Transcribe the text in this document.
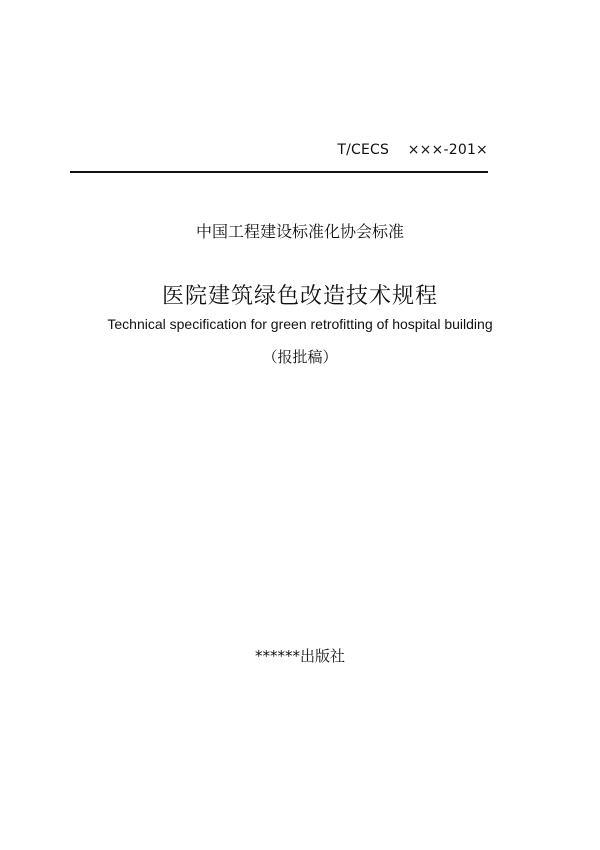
T/CECS    ×××-201×
中国工程建设标准化协会标准
医院建筑绿色改造技术规程
Technical specification for green retrofitting of hospital building
（报批稿）
******出版社
